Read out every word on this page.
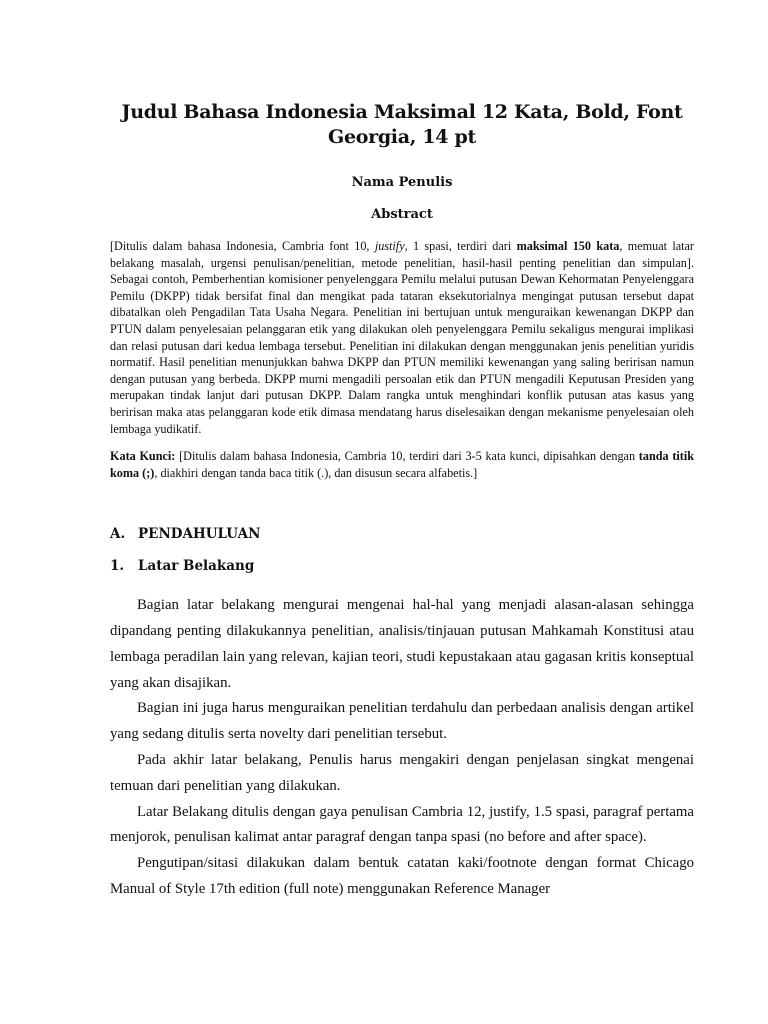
Judul Bahasa Indonesia Maksimal 12 Kata, Bold, Font Georgia, 14 pt
Nama Penulis
Abstract

[Ditulis dalam bahasa Indonesia, Cambria font 10, justify, 1 spasi, terdiri dari maksimal 150 kata, memuat latar belakang masalah, urgensi penulisan/penelitian, metode penelitian, hasil-hasil penting penelitian dan simpulan]. Sebagai contoh, Pemberhentian komisioner penyelenggara Pemilu melalui putusan Dewan Kehormatan Penyelenggara Pemilu (DKPP) tidak bersifat final dan mengikat pada tataran eksekutorialnya mengingat putusan tersebut dapat dibatalkan oleh Pengadilan Tata Usaha Negara. Penelitian ini bertujuan untuk menguraikan kewenangan DKPP dan PTUN dalam penyelesaian pelanggaran etik yang dilakukan oleh penyelenggara Pemilu sekaligus mengurai implikasi dan relasi putusan dari kedua lembaga tersebut. Penelitian ini dilakukan dengan menggunakan jenis penelitian yuridis normatif. Hasil penelitian menunjukkan bahwa DKPP dan PTUN memiliki kewenangan yang saling beririsan namun dengan putusan yang berbeda. DKPP murni mengadili persoalan etik dan PTUN mengadili Keputusan Presiden yang merupakan tindak lanjut dari putusan DKPP. Dalam rangka untuk menghindari konflik putusan atas kasus yang beririsan maka atas pelanggaran kode etik dimasa mendatang harus diselesaikan dengan mekanisme penyelesaian oleh lembaga yudikatif.

Kata Kunci: [Ditulis dalam bahasa Indonesia, Cambria 10, terdiri dari 3-5 kata kunci, dipisahkan dengan tanda titik koma (;), diakhiri dengan tanda baca titik (.), dan disusun secara alfabetis.]

A. PENDAHULUAN
1.	Latar Belakang

Bagian latar belakang mengurai mengenai hal-hal yang menjadi alasan-alasan sehingga dipandang penting dilakukannya penelitian, analisis/tinjauan putusan Mahkamah Konstitusi atau lembaga peradilan lain yang relevan, kajian teori, studi kepustakaan atau gagasan kritis konseptual yang akan disajikan.

Bagian ini juga harus menguraikan penelitian terdahulu dan perbedaan analisis dengan artikel yang sedang ditulis serta novelty dari penelitian tersebut.

Pada akhir latar belakang, Penulis harus mengakiri dengan penjelasan singkat mengenai temuan dari penelitian yang dilakukan.

Latar Belakang ditulis dengan gaya penulisan Cambria 12, justify, 1.5 spasi, paragraf pertama menjorok, penulisan kalimat antar paragraf dengan tanpa spasi (no before and after space).

Pengutipan/sitasi dilakukan dalam bentuk catatan kaki/footnote dengan format Chicago Manual of Style 17th edition (full note) menggunakan Reference Manager
